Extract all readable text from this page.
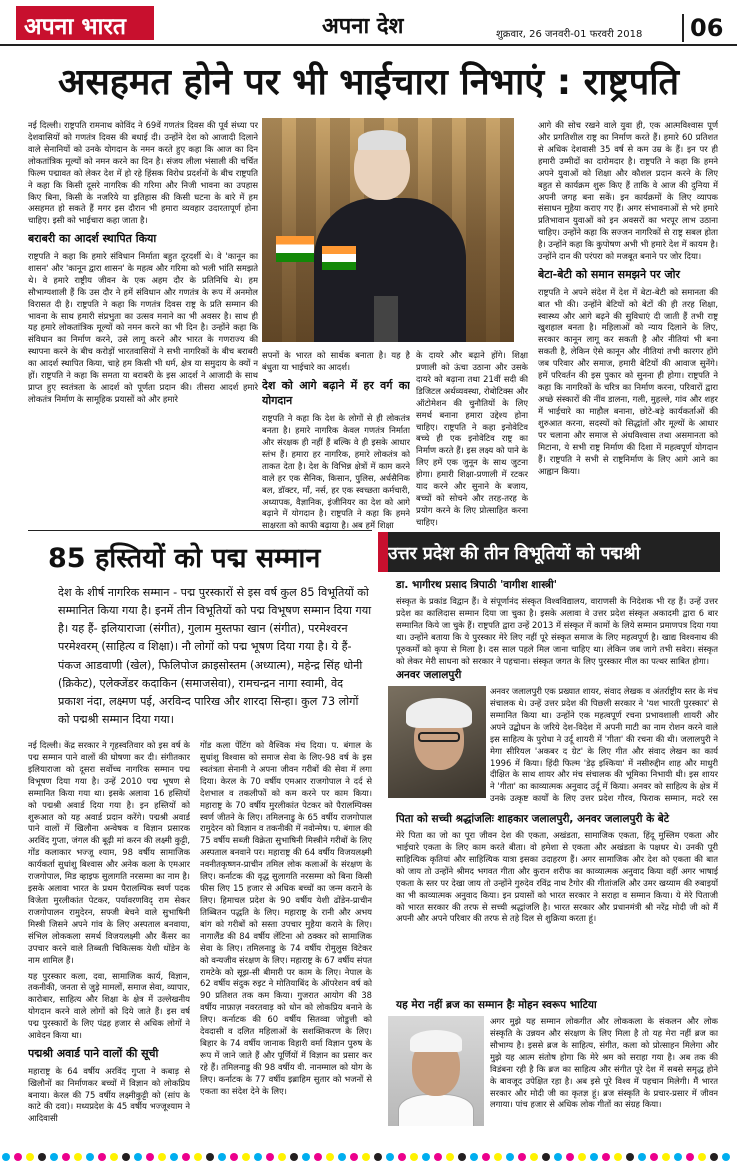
अपना भारत	अपना देश	शुक्रवार, 26 जनवरी-01 फरवरी 2018	06
असहमत होने पर भी भाईचारा निभाएं : राष्ट्रपति

नई दिल्ली। राष्ट्रपति रामनाथ कोविंद ने 69वें गणतंत्र दिवस की पूर्व संध्या पर देशवासियों को गणतंत्र दिवस की बधाई दी। उन्होंने देश को आजादी दिलाने वाले सेनानियों को उनके योगदान के नमन करते हुए कहा कि आज का दिन लोकतांत्रिक मूल्यों को नमन करने का दिन है। संजय लीला भंसाली की चर्चित फिल्म पद्मावत को लेकर देश में हो रहे हिंसक विरोध प्रदर्शनों के बीच राष्ट्रपति ने कहा कि किसी दूसरे नागरिक की गरिमा और निजी भावना का उपहास किए बिना, किसी के नजरिये या इतिहास की किसी घटना के बारे में हम असहमत हो सकते हैं मगर इस दौरान भी हमारा व्यवहार उदारतापूर्ण होना चाहिए। इसी को भाईचारा कहा जाता है।

बराबरी का आदर्श स्थापित किया

राष्ट्रपति ने कहा कि हमारे संविधान निर्माता बहुत दूरदर्शी थे। वे 'कानून का शासन' और 'कानून द्वारा शासन' के महत्व और गरिमा को भली भांति समझते थे। वे हमारे राष्ट्रीय जीवन के एक अहम दौर के प्रतिनिधि थे। हम सौभाग्यशाली हैं कि उस दौर ने हमें संविधान और गणतंत्र के रूप में अनमोल विरासत दी है। राष्ट्रपति ने कहा कि गणतंत्र दिवस राष्ट्र के प्रति सम्मान की भावना के साथ हमारी संप्रभुता का उत्सव मनाने का भी अवसर है। साथ ही यह हमारे लोकतांत्रिक मूल्यों को नमन करने का भी दिन है। उन्होंने कहा कि संविधान का निर्माण करने, उसे लागू करने और भारत के गणराज्य की स्थापना करने के बीच करोड़ों भारतवासियों ने सभी नागरिकों के बीच बराबरी का आदर्श स्थापित किया, चाहे हम किसी भी धर्म, क्षेत्र या समुदाय के क्यों न हों। राष्ट्रपति ने कहा कि समता या बराबरी के इस आदर्श ने आजादी के साथ प्राप्त हुए स्वतंत्रता के आदर्श को पूर्णता प्रदान की। तीसरा आदर्श हमारे लोकतंत्र निर्माण के सामूहिक प्रयासों को और हमारे

सपनों के भारत को सार्थक बनाता है। यह है बंधुता या भाईचारे का आदर्श।

देश को आगे बढ़ाने में हर वर्ग का योगदान

राष्ट्रपति ने कहा कि देश के लोगों से ही लोकतंत्र बनता है। हमारे नागरिक केवल गणतंत्र निर्माता और संरक्षक ही नहीं हैं बल्कि वे ही इसके आधार स्तंभ हैं। हमारा हर नागरिक, हमारे लोकतंत्र को ताकत देता है। देश के विभिन्न क्षेत्रों में काम करने वाले हर एक सैनिक, किसान, पुलिस, अर्धसैनिक बल, डॉक्टर, माँ, नर्स, हर एक स्वच्छता कर्मचारी, अध्यापक, वैज्ञानिक, इंजीनियर का देश को आगे बढ़ाने में योगदान है। राष्ट्रपति ने कहा कि हमने साक्षरता को काफी बढ़ाया है। अब हमें शिक्षा

के दायरे और बढ़ाने होंगे। शिक्षा प्रणाली को ऊंचा उठाना और उसके दायरे को बढ़ाना तथा 21वीं सदी की डिजिटल अर्थव्यवस्था, रोबोटिक्स और ऑटोमेशन की चुनौतियों के लिए समर्थ बनाना हमारा उद्देश्य होना चाहिए। राष्ट्रपति ने कहा इनोवेटिव बच्चे ही एक इनोवेटिव राष्ट्र का निर्माण करते हैं। इस लक्ष्य को पाने के लिए हमें एक जुनून के साथ जुटना होगा। हमारी शिक्षा-प्रणाली में रटकर याद करने और सुनाने के बजाय, बच्चों को सोचने और तरह-तरह के प्रयोग करने के लिए प्रोत्साहित करना चाहिए।

आगे की सोच रखने वाले युवा ही, एक आत्मविश्वास पूर्ण और प्रगतिशील राष्ट्र का निर्माण करते हैं। हमारे 60 प्रतिशत से अधिक देशवासी 35 वर्ष से कम उम्र के हैं। इन पर ही हमारी उम्मीदों का दारोमदार है। राष्ट्रपति ने कहा कि हमने अपने युवाओं को शिक्षा और कौशल प्रदान करने के लिए बहुत से कार्यक्रम शुरू किए हैं ताकि वे आज की दुनिया में अपनी जगह बना सकें। इन कार्यक्रमों के लिए व्यापक संसाधन मुहैया कराए गए हैं। अगर संभावनाओं से भरे हमारे प्रतिभावान युवाओं को इन अवसरों का भरपूर लाभ उठाना चाहिए। उन्होंने कहा कि सज्जन नागरिकों से राष्ट्र सबल होता है। उन्होंने कहा कि कुपोषण अभी भी हमारे देश में कायम है। उन्होंने दान की परंपरा को मजबूत बनाने पर जोर दिया।

बेटा-बेटी को समान समझने पर जोर

राष्ट्रपति ने अपने संदेश में देश में बेटा-बेटी को समानता की बात भी की। उन्होंने बेटियों को बेटों की ही तरह शिक्षा, स्वास्थ्य और आगे बढ़ने की सुविधाएं दी जाती हैं तभी राष्ट्र खुशहाल बनता है। महिलाओं को न्याय दिलाने के लिए, सरकार कानून लागू कर सकती है और नीतियां भी बना सकती है, लेकिन ऐसे कानून और नीतियां तभी कारगर होंगे जब परिवार और समाज, हमारी बेटियों की आवाज सुनेंगे। हमें परिवर्तन की इस पुकार को सुनना ही होगा। राष्ट्रपति ने कहा कि नागरिकों के चरित्र का निर्माण करना, परिवारों द्वारा अच्छे संस्कारों की नींव डालना, गली, मुहल्ले, गांव और शहर में भाईचारे का माहौल बनाना, छोटे-बड़े कार्यकर्ताओं की शुरुआत करना, सदस्यों को सिद्धांतों और मूल्यों के आधार पर चलाना और समाज से अंधविश्वास तथा असमानता को मिटाना, ये सभी राष्ट्र निर्माण की दिशा में महत्वपूर्ण योगदान हैं। राष्ट्रपति ने सभी से राष्ट्रनिर्माण के लिए आगे आने का आह्वान किया।

85 हस्तियों को पद्म सम्मान
देश के शीर्ष नागरिक सम्मान - पद्म पुरस्कारों से इस वर्ष कुल 85 विभूतियों को सम्मानित किया गया है। इनमें तीन विभूतियों को पद्म विभूषण सम्मान दिया गया है। यह हैं- इलियाराजा (संगीत), गुलाम मुस्तफा खान (संगीत), परमेश्वरन परमेश्वरम् (साहित्य व शिक्षा)। नौ लोगों को पद्म भूषण दिया गया है। ये हैं- पंकज आडवाणी (खेल), फिलिपोज क्राइसोस्तम (अध्यात्म), महेन्द्र सिंह धोनी (क्रिकेट), एलेक्जेंडर कदाकिन (समाजसेवा), रामचन्द्रन नागा स्वामी, वेद प्रकाश नंदा, लक्ष्मण पई, अरविन्द पारिख और शारदा सिन्हा। कुल 73 लोगों को पद्मश्री सम्मान दिया गया।

नई दिल्ली। केंद्र सरकार ने गृहस्वतिवार को इस वर्ष के पद्म सम्मान पाने वालों की घोषणा कर दी। संगीतकार इलियाराजा को दूसरा सर्वोच्च नागरिक सम्मान पद्म विभूषण दिया गया है। उन्हें 2010 पद्म भूषण से सम्मानित किया गया था। इसके अलावा 16 हस्तियों को पद्मश्री अवार्ड दिया गया है। इन हस्तियों को शुरूआत को यह अवार्ड प्रदान करेंगे। पद्मश्री अवार्ड पाने वालों में खिलौना अन्वेषक व विज्ञान प्रसारक अरविंद गुप्ता, जंगल की बूढ़ी मां करन की लक्ष्मी कुट्टी, गोंड कलाकार भज्जू श्याम, 98 वर्षीय सामाजिक कार्यकर्ता सुधांशु बिश्वास और अनेक कला के एमआर राजगोपाल, मिड व्हाइफ सुलागति नरसम्मा का नाम है। इसके अलावा भारत के प्रथम पैरालम्पिक स्वर्ण पदक विजेता मुरलीकांत पेटकर, पर्यावरणविद् राम सेकर राजगोपालन रामुदेरन, सफ्जी बेचने वाले सुभाषिनी मिस्त्री जिसने अपने गांव के लिए अस्पताल बनवाया, संभिल लोककला समर्थ विजयलक्ष्मी और कैंसर का उपचार करने वाले तिब्बती चिकित्सक येशी धोंडेन के नाम शामिल हैं।

यह पुरस्कार कला, दवा, सामाजिक कार्य, विज्ञान, तकनीकी, जनता से जुड़े मामलों, समाज सेवा, व्यापार, कारोबार, साहित्य और शिक्षा के क्षेत्र में उल्लेखनीय योगदान करने वाले लोगों को दिये जाते हैं। इस वर्ष पद्म पुरस्कारों के लिए पंद्रह हजार से अधिक लोगों ने आवेदन किया था।

पद्मश्री अवार्ड पाने वालों की सूची

महाराष्ट्र के 64 वर्षीय अरविंद गुप्ता ने कबाड़ से खिलौनों का निर्माणकर बच्चों में विज्ञान को लोकप्रिय बनाया। केरल की 75 वर्षीय लक्ष्मीकुट्टी को (सांप के काटे की दवा)। मध्यप्रदेश के 45 वर्षीय भज्जूश्याम ने आदिवासी

गोंड कला पेंटिंग को वैश्विक मंच दिया। प. बंगाल के सुधांशु विश्वास को समाज सेवा के लिए-98 वर्ष के इस स्वतंत्रता सेनानी ने अपना जीवन गरीबों की सेवा में लगा दिया। केरल के 70 वर्षीय एमआर राजगोपाल ने दर्द से देशभाल व तकलीफों को कम करने पर काम किया। महाराष्ट्र के 70 वर्षीय मुरलीकांत पेटकर को पैरालम्पिक्स स्वर्ण जीतने के लिए। तमिलनाडु के 65 वर्षीय राजगोपाल रामुदेरन को विज्ञान व तकनीकी में नवोन्मेष। प. बंगाल की 75 वर्षीय सब्जी विक्रेता सुभाषिनी मिस्त्रीने गरीबों के लिए अस्पताल बनवाने पर। महाराष्ट्र की 64 वर्षीय विजयलक्ष्मी नवनीतकृष्णन-प्राचीन तमिल लोक कलाओं के संरक्षण के लिए। कर्नाटक की वृद्ध सुलागति नरसम्मा को बिना किसी फीस लिए 15 हजार से अधिक बच्चों का जन्म कराने के लिए। हिमाचल प्रदेश के 90 वर्षीय येशी ढोंडेन-प्राचीन तिब्बितन पद्धति के लिए। महाराष्ट्र के रानी और अभय बांग को गरीबों को सस्ता उपचार मुहैया कराने के लिए। नागालैंड की 84 वर्षीय लेंटिना ओ ठक्कर को सामाजिक सेवा के लिए। तमिलनाडु के 74 वर्षीय रोमुलुस विटेकर को वन्यजीव संरक्षण के लिए। महाराष्ट्र के 67 वर्षीय संपत रामटेके को सूझ-सी बीमारी पर काम के लिए। नेपाल के 62 वर्षीय संदुक रुइट ने मोतियाबिंद के ऑपरेशन वर्ष को 90 प्रतिशत तक कम किया। गुजरात आयोग की 38 वर्षीय नाफ़ाज़ नवरतवाड़ को धोन को लोकप्रिय बनाने के लिए। कर्नाटक की 60 वर्षीय सितव्वा जोडुत्ती को देवदासी व दलित महिलाओं के सशक्तिकरण के लिए। बिहार के 74 वर्षीय जानाक विहारी वर्मा विज्ञान पुरुष के रूप में जाने जाते हैं और पूर्णियों में विज्ञान का प्रसार कर रहे हैं। तमिलनाडु की 98 वर्षीय वी. नानम्माल को योग के लिए। कर्नाटक के 77 वर्षीय इब्राहिम सुतार को भजनों से एकता का संदेश देने के लिए।

उत्तर प्रदेश की तीन विभूतियों को पद्मश्री
डा. भागीरथ प्रसाद त्रिपाठी 'वागीश शास्त्री'

संस्कृत के प्रकांड विद्वान हैं। वे संपूर्णानंद संस्कृत विश्वविद्यालय, वाराणसी के निदेशक भी रह हैं। उन्हें उत्तर प्रदेश का कालिदास सम्मान दिया जा चुका है। इसके अलावा वे उत्तर प्रदेश संस्कृत अकादमी द्वारा 6 बार सम्मानित किये जा चुके हैं। राष्ट्रपति द्वारा उन्हें 2013 में संस्कृत में कामों के लिये सम्मान प्रमाणपत्र दिया गया था। उन्होंने बताया कि ये पुरस्कार मेरे लिए नहीं पूरे संस्कृत समाज के लिए महत्वपूर्ण है। खाद्य विश्वनाथ की पूरुकर्मों को कृपा से मिला है। दस साल पहले मिल जाना चाहिए था। लेकिन जब जागे तभी सवेरा। संस्कृत को लेकर मेरी साधना को सरकार ने पहचाना। संस्कृत जगत के लिए पुरस्कार मील का पत्थर साबित होगा।

अनवर जलालपुरी

अनवर जलालपुरी एक प्रख्यात शायर, संवाद लेखक व अंतर्राष्ट्रीय स्तर के मंच संचालक थे। उन्हें उत्तर प्रदेश की पिछली सरकार ने 'यश भारती पुरस्कार' से सम्मानित किया था। उन्होंने एक महत्वपूर्ण रचना प्रभावशाली शायरी और अपने उद्बोधन के जरिये देश-विदेश में अपनी माटी का नाम रोशन करने वाले इस साहित्य के पुरोधा ने उर्दू शायरी में 'गीता' की रचना की थी। जलालपुरी ने मेगा सीरियल 'अकबर द ग्रेट' के लिए गीत और संवाद लेखन का कार्य 1996 में किया। हिंदी फिल्म 'डेढ़ इश्किया' में नसीरुद्दीन शाह और माधुरी दीक्षित के साथ शायर और मंच संचालक की भूमिका निभायी थी। इस शायर ने 'गीता' का काव्यात्मक अनुवाद उर्दू में किया। अनवर को साहित्य के क्षेत्र में उनके उत्कृष्ट कार्यों के लिए उत्तर प्रदेश गौरव, फिराक सम्मान, मदरे रस

पिता को सच्ची श्रद्धांजलिः शाहकार जलालपुरी, अनवर जलालपुरी के बेटे

मेरे पिता का जो का पूरा जीवन देश की एकता, अखंडता, सामाजिक एकता, हिंदू मुस्लिम एकता और भाईचारे एकता के लिए काम करते बीता। वो हमेशा से एकता और अखंडता के पक्षधर थे। उनकी पूरी साहित्यिक कृतियां और साहित्यिक यात्रा इसका उदाहरण हैं। अगर सामाजिक और देश को एकता की बात को जाय तो उन्होंने श्रीमद भगवत गीता और कुरान शरीफ का काव्यात्मक अनुवाद किया वहीं अगर भाषाई एकता के स्तर पर देखा जाय तो उन्होंने गुरुदेव रविंद्र नाथ टैगोर की गीतांजलि और उमर खय्याम की रुबाइयों का भी काव्यात्मक अनुवाद किया। इन प्रयासों को भारत सरकार ने सराहा व सम्मान किया। ये मेरे पिताजी को भारत सरकार की तरफ से सच्ची श्रद्धांजलि है। भारत सरकार और प्रधानमंत्री श्री नरेंद्र मोदी जी को मैं अपनी और अपने परिवार की तरफ से तहे दिल से शुक्रिया करता हूं।

यह मेरा नहीं ब्रज का सम्मान हैः मोहन स्वरूप भाटिया

अगर मुझे यह सम्मान लोकगीत और लोककला के संकलन और लोक संस्कृति के उन्नयन और संरक्षण के लिए मिला है तो यह मेरा नहीं ब्रज का सौभाग्य है। इससे ब्रज के साहित्य, संगीत, कला को प्रोत्साहन मिलेगा और मुझे यह आत्म संतोष होगा कि मेरे श्रम को सराहा गया है। अब तक की विडंबना रही है कि ब्रज का साहित्य और संगीत पूरे देश में सबसे समृद्ध होने के बावजूद उपेक्षित रहा है। अब इसे पूरे विश्व में पहचान मिलेगी। मैं भारत सरकार और मोदी जी का कृतज्ञ हूं। ब्रज संस्कृति के प्रचार-प्रसार में जीवन लगाया। पांच हजार से अधिक लोक गीतों का संग्रह किया।
